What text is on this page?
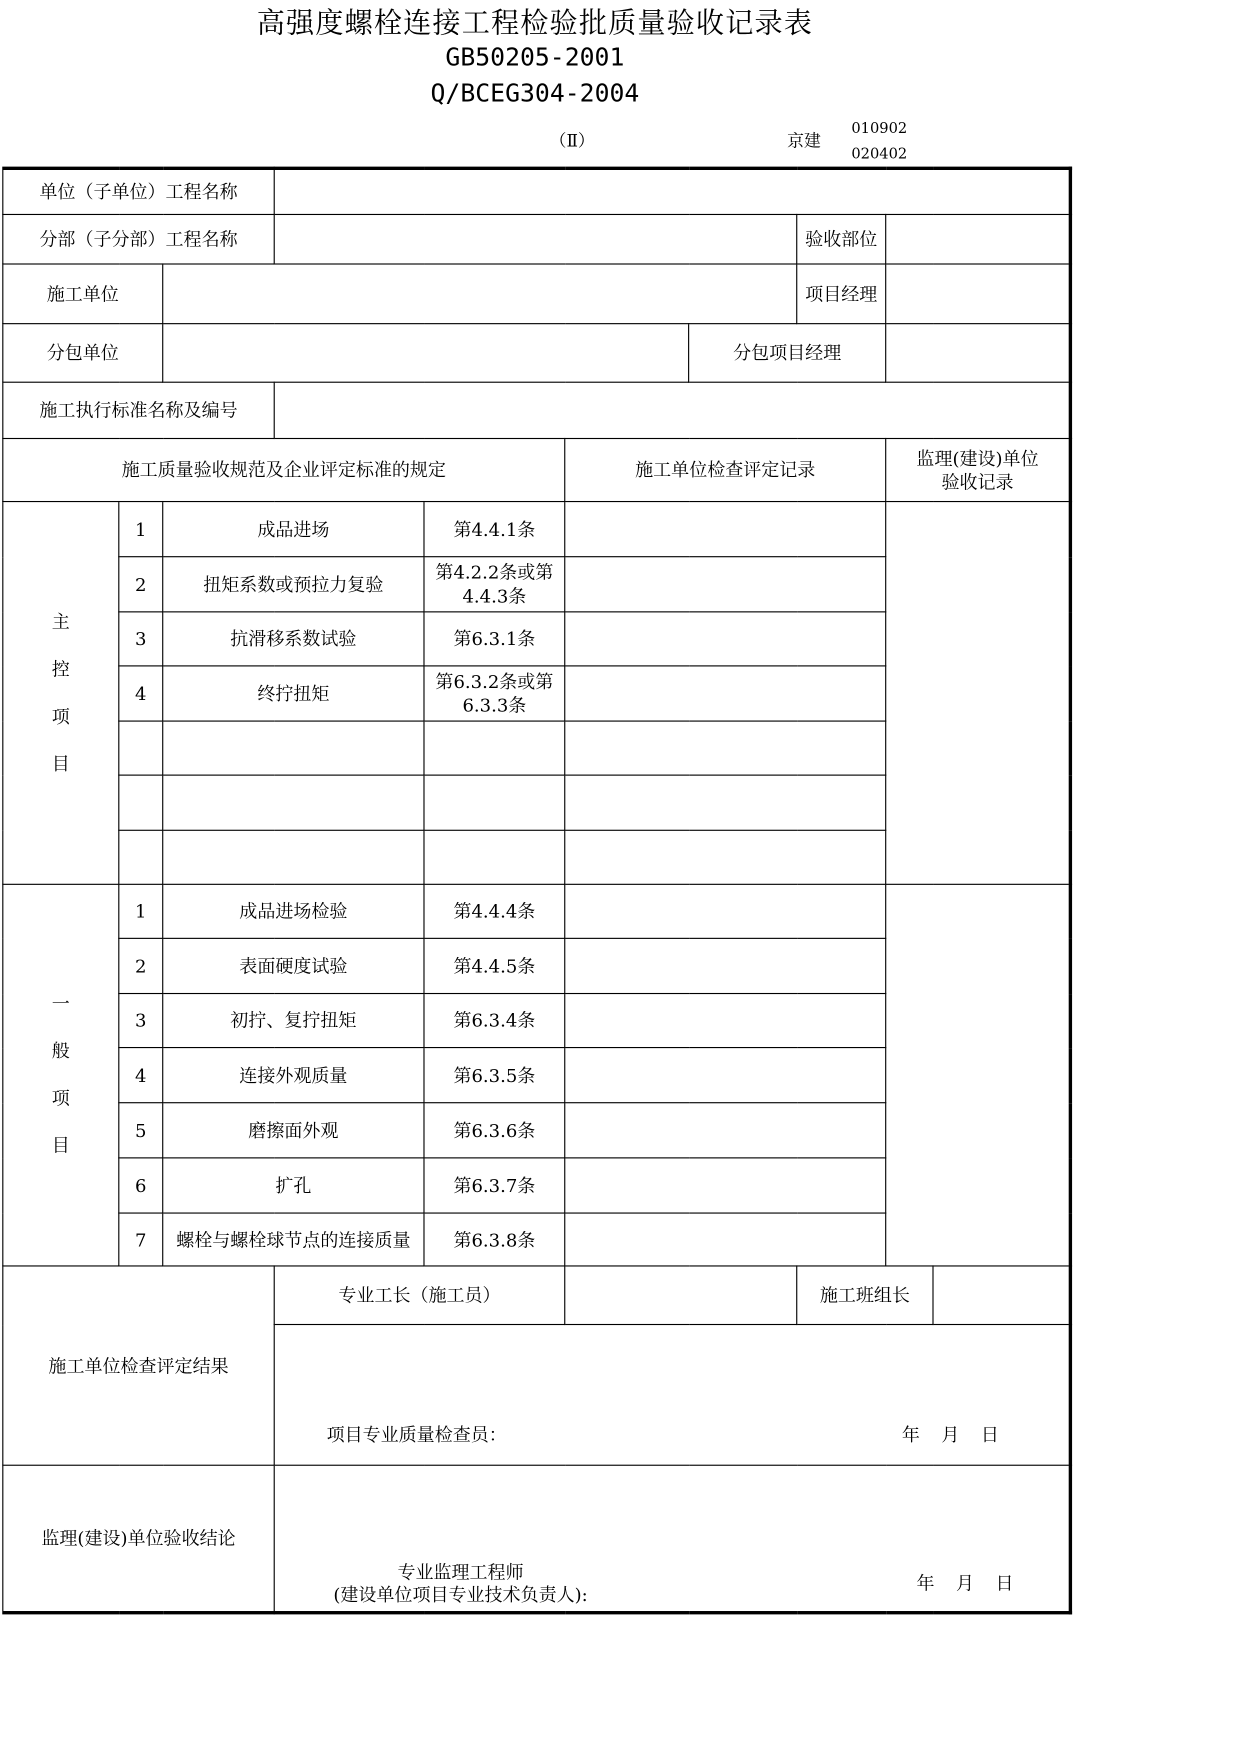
高强度螺栓连接工程检验批质量验收记录表
GB50205-2001
Q/BCEG304-2004
（Ⅱ）	京建
010902
020402
单位（子单位）工程名称									
分部（子分部）工程名称							验收部位		
施工单位							项目经理		
分包单位						分包项目经理			
施工执行标准名称及编号									
施工质量验收规范及企业评定标准的规定					施工单位检查评定记录			监理(建设)单位验收记录	

主
控
项
目	1	成品进场		第4.4.1条					
	2	扭矩系数或预拉力复验		第4.2.2条或第4.4.3条					

	3	抗滑移系数试验		第6.3.1条					
	4	终拧扭矩		第6.3.2条或第6.3.3条					

一
般
项
目	1	成品进场检验		第4.4.4条					
	2	表面硬度试验		第4.4.5条					
	3	初拧、复拧扭矩		第6.3.4条					
	4	连接外观质量		第6.3.5条					
	5	磨擦面外观		第6.3.6条					
	6	扩孔		第6.3.7条					
	7	螺栓与螺栓球节点的连接质量		第6.3.8条					
施工单位检查评定结果			专业工长（施工员）				施工班组长		

			项目专业质量检查员： 年 月 日						

监理(建设)单位验收结论			专业监理工程师
(建设单位项目专业技术负责人):
年 月 日						
